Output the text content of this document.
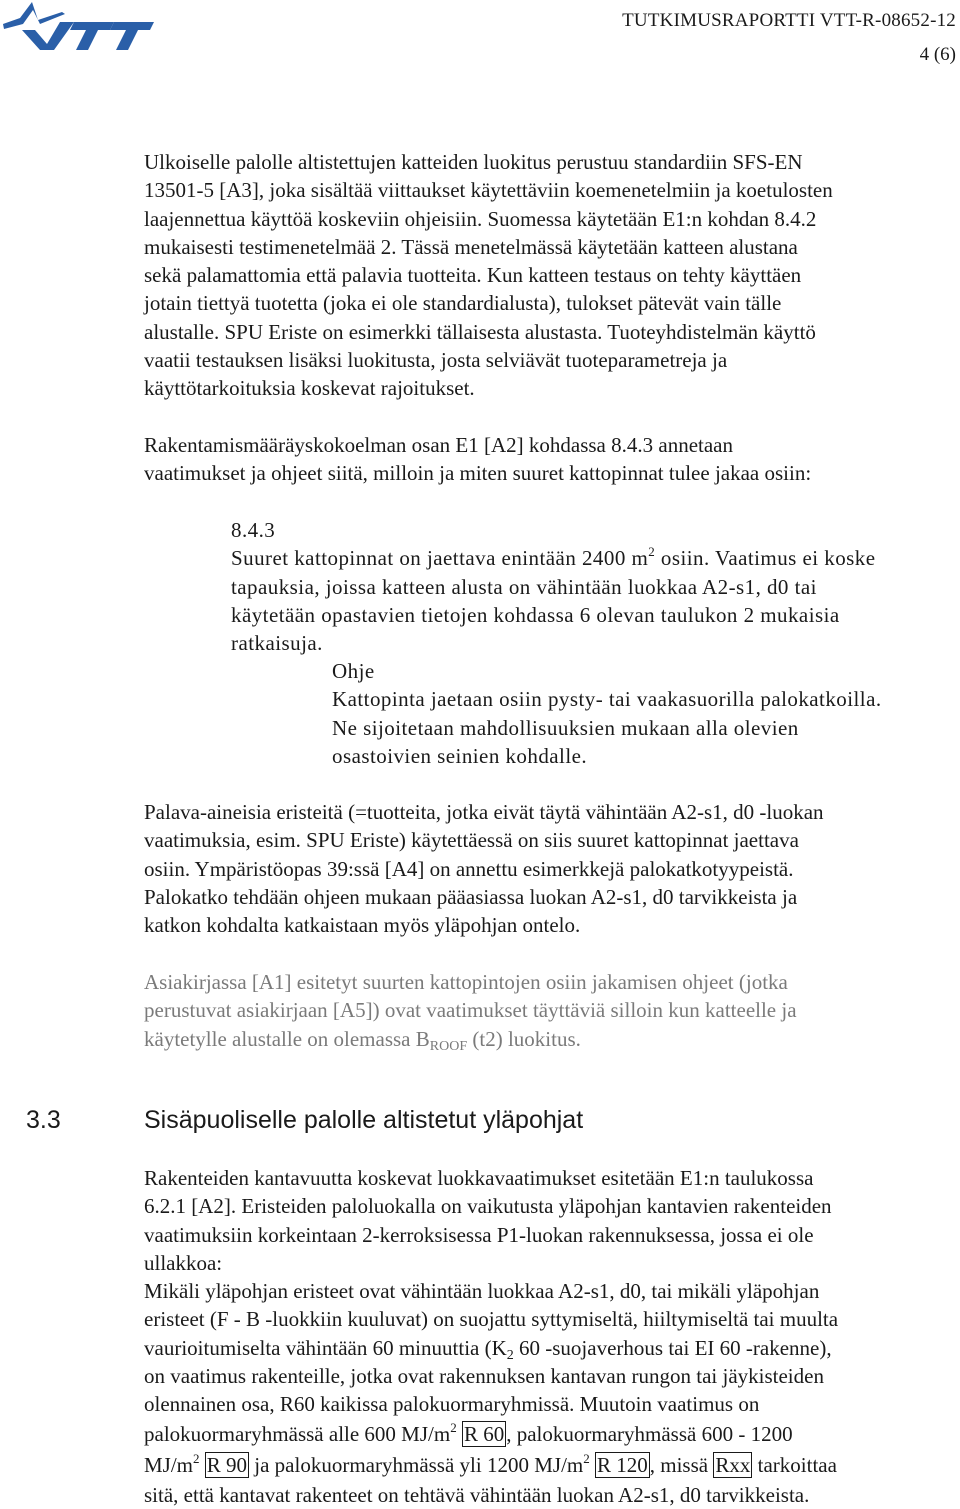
TUTKIMUSRAPORTTI VTT-R-08652-12
4 (6)
Ulkoiselle palolle altistettujen katteiden luokitus perustuu standardiin SFS-EN
13501-5 [A3], joka sisältää viittaukset käytettäviin koemenetelmiin ja koetulosten
laajennettua käyttöä koskeviin ohjeisiin. Suomessa käytetään E1:n kohdan 8.4.2
mukaisesti testimenetelmää 2. Tässä menetelmässä käytetään katteen alustana
sekä palamattomia että palavia tuotteita. Kun katteen testaus on tehty käyttäen
jotain tiettyä tuotetta (joka ei ole standardialusta), tulokset pätevät vain tälle
alustalle. SPU Eriste on esimerkki tällaisesta alustasta. Tuoteyhdistelmän käyttö
vaatii testauksen lisäksi luokitusta, josta selviävät tuoteparametreja ja
käyttötarkoituksia koskevat rajoitukset.
Rakentamismääräyskokoelman osan E1 [A2] kohdassa 8.4.3 annetaan
vaatimukset ja ohjeet siitä, milloin ja miten suuret kattopinnat tulee jakaa osiin:
8.4.3
Suuret kattopinnat on jaettava enintään 2400 $m^2$ osiin. Vaatimus ei koske
tapauksia, joissa katteen alusta on vähintään luokkaa A2-s1, d0 tai
käytetään opastavien tietojen kohdassa 6 olevan taulukon 2 mukaisia
ratkaisuja.
Ohje
Kattopinta jaetaan osiin pysty- tai vaakasuorilla palokatkoilla.
Ne sijoitetaan mahdollisuuksien mukaan alla olevien
osastoivien seinien kohdalle.
Palava-aineisia eristeitä (=tuotteita, jotka eivät täytä vähintään A2-s1, d0 -luokan
vaatimuksia, esim. SPU Eriste) käytettäessä on siis suuret kattopinnat jaettava
osiin. Ympäristöopas 39:ssä [A4] on annettu esimerkkejä palokatkotyypeistä.
Palokatko tehdään ohjeen mukaan pääasiassa luokan A2-s1, d0 tarvikkeista ja
katkon kohdalta katkaistaan myös yläpohjan ontelo.
Asiakirjassa [A1] esitetyt suurten kattopintojen osiin jakamisen ohjeet (jotka
perustuvat asiakirjaan [A5]) ovat vaatimukset täyttäviä silloin kun katteelle ja
käytetylle alustalle on olemassa $B_{ROOF}$ (t2) luokitus.
3.3	Sisäpuoliselle palolle altistetut yläpohjat
Rakenteiden kantavuutta koskevat luokkavaatimukset esitetään E1:n taulukossa
6.2.1 [A2]. Eristeiden paloluokalla on vaikutusta yläpohjan kantavien rakenteiden
vaatimuksiin korkeintaan 2-kerroksisessa P1-luokan rakennuksessa, jossa ei ole
ullakkoa:
Mikäli yläpohjan eristeet ovat vähintään luokkaa A2-s1, d0, tai mikäli yläpohjan
eristeet (F - B -luokkiin kuuluvat) on suojattu syttymiseltä, hiiltymiseltä tai muulta
vaurioitumiselta vähintään 60 minuuttia ($K_2$ 60 -suojaverhous tai EI 60 -rakenne),
on vaatimus rakenteille, jotka ovat rakennuksen kantavan rungon tai jäykisteiden
olennainen osa, R60 kaikissa palokuormaryhmissä. Muutoin vaatimus on
palokuormaryhmässä alle 600 $MJ/m^2$ R 60, palokuormaryhmässä 600 - 1200
$MJ/m^2$ R 90 ja palokuormaryhmässä yli 1200 $MJ/m^2$ R 120, missä Rxx tarkoittaa
sitä, että kantavat rakenteet on tehtävä vähintään luokan A2-s1, d0 tarvikkeista.
